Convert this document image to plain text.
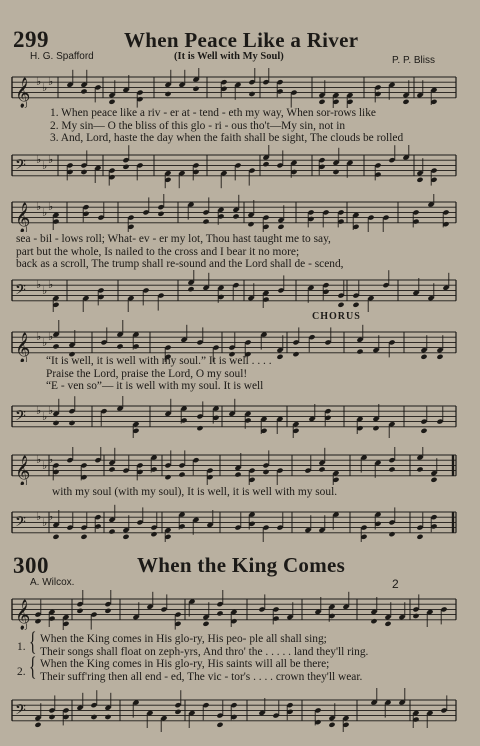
299	When Peace Like a River
(It is Well with My Soul)
H. G. Spafford	P. P. Bliss
𝄞 ♭ ♭ ♭
1. When peace like a riv - er at - tend - eth my way, When sor-rows like
2. My sin— O the bliss of this glo - ri - ous tho't—My sin, not in
3. And, Lord, haste the day when the faith shall be sight, The clouds be rolled
𝄢 ♭ ♭ ♭
𝄞 ♭ ♭ ♭
sea - bil - lows roll; What- ev - er my lot, Thou hast taught me to say,
part but the whole, Is nailed to the cross and I bear it no more;
back as a scroll, The trump shall re-sound and the Lord shall de - scend,
𝄢 ♭ ♭ ♭
CHORUS
𝄞 ♭ ♭ ♭
“It is well, it is well with my soul.” It is well . . . .
Praise the Lord, praise the Lord, O my soul!
“E - ven so”— it is well with my soul. It is well
𝄢 ♭ ♭ ♭
𝄞 ♭ ♭ ♭
with my soul (with my soul), It is well, it is well with my soul.
𝄢 ♭ ♭ ♭
300	When the King Comes
A. Wilcox.	2
𝄞
1. { When the King comes in His glo-ry, His peo- ple all shall sing;
Their songs shall float on zeph-yrs, And thro' the . . . . . land they'll ring.
2. { When the King comes in His glo-ry, His saints will all be there;
Their suff'ring then all end - ed, The vic - tor's . . . . crown they'll wear.
𝄢
